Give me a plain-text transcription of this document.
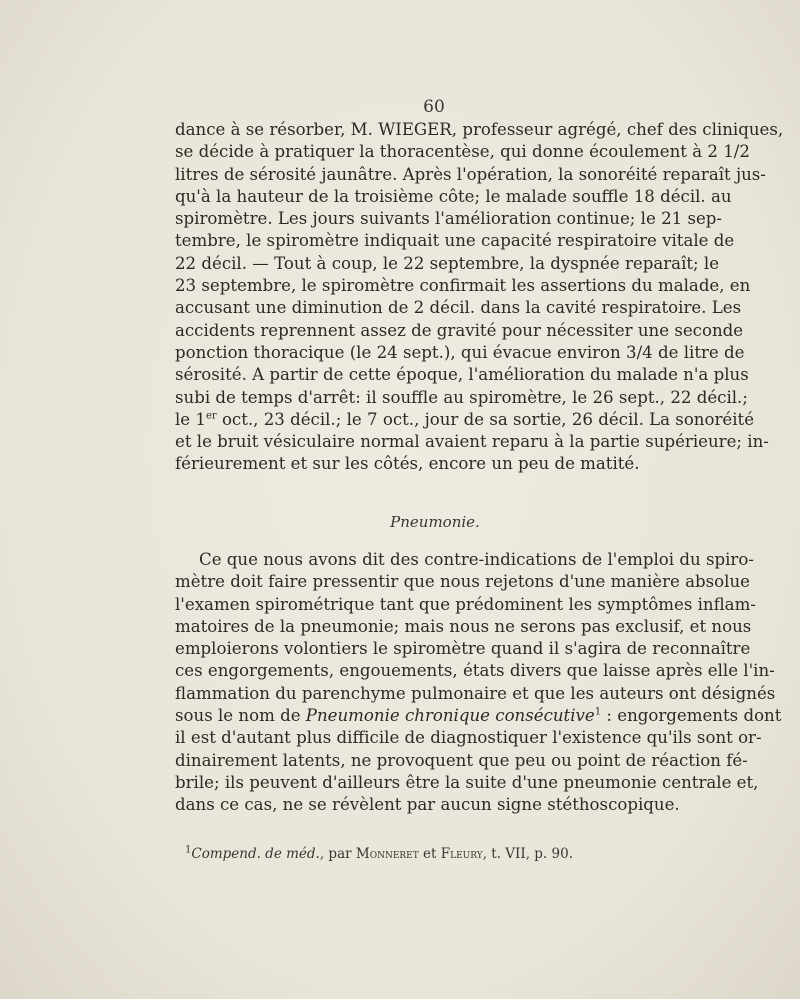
60
dance à se résorber, M. WIEGER, professeur agrégé, chef des cliniques,
se décide à pratiquer la thoracentèse, qui donne écoulement à 2 1/2
litres de sérosité jaunâtre. Après l'opération, la sonoréité reparaît jus-
qu'à la hauteur de la troisième côte; le malade souffle 18 décil. au
spiromètre. Les jours suivants l'amélioration continue; le 21 sep-
tembre, le spiromètre indiquait une capacité respiratoire vitale de
22 décil. — Tout à coup, le 22 septembre, la dyspnée reparaît; le
23 septembre, le spiromètre confirmait les assertions du malade, en
accusant une diminution de 2 décil. dans la cavité respiratoire. Les
accidents reprennent assez de gravité pour nécessiter une seconde
ponction thoracique (le 24 sept.), qui évacue environ 3/4 de litre de
sérosité. A partir de cette époque, l'amélioration du malade n'a plus
subi de temps d'arrêt: il souffle au spiromètre, le 26 sept., 22 décil.;
le 1er oct., 23 décil.; le 7 oct., jour de sa sortie, 26 décil. La sonoréité
et le bruit vésiculaire normal avaient reparu à la partie supérieure; in-
férieurement et sur les côtés, encore un peu de matité.
Pneumonie.
Ce que nous avons dit des contre-indications de l'emploi du spiro-
mètre doit faire pressentir que nous rejetons d'une manière absolue
l'examen spirométrique tant que prédominent les symptômes inflam-
matoires de la pneumonie; mais nous ne serons pas exclusif, et nous
emploierons volontiers le spiromètre quand il s'agira de reconnaître
ces engorgements, engouements, états divers que laisse après elle l'in-
flammation du parenchyme pulmonaire et que les auteurs ont désignés
sous le nom de Pneumonie chronique consécutive$^1$ : engorgements dont
il est d'autant plus difficile de diagnostiquer l'existence qu'ils sont or-
dinairement latents, ne provoquent que peu ou point de réaction fé-
brile; ils peuvent d'ailleurs être la suite d'une pneumonie centrale et,
dans ce cas, ne se révèlent par aucun signe stéthoscopique.
$^1$Compend. de méd., par Monneret et Fleury, t. VII, p. 90.
